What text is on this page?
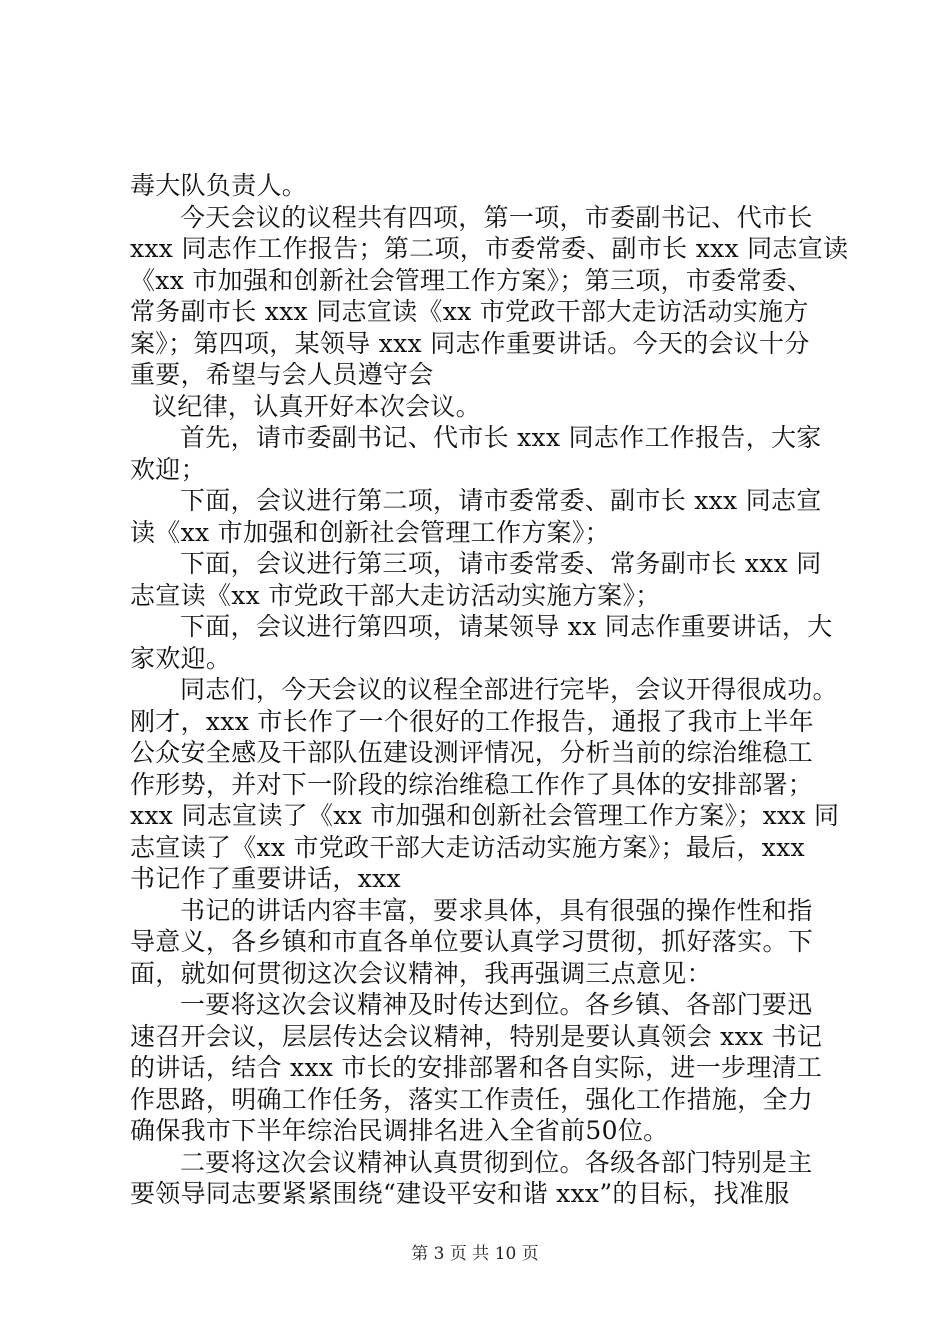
毒大队负责人。
今天会议的议程共有四项，第一项，市委副书记、代市长
xxx 同志作工作报告；第二项，市委常委、副市长 xxx 同志宣读
《xx 市加强和创新社会管理工作方案》；第三项，市委常委、
常务副市长 xxx 同志宣读《xx 市党政干部大走访活动实施方
案》；第四项，某领导 xxx 同志作重要讲话。今天的会议十分
重要，希望与会人员遵守会
议纪律，认真开好本次会议。
首先，请市委副书记、代市长 xxx 同志作工作报告，大家
欢迎；
下面，会议进行第二项，请市委常委、副市长 xxx 同志宣
读《xx 市加强和创新社会管理工作方案》；
下面，会议进行第三项，请市委常委、常务副市长 xxx 同
志宣读《xx 市党政干部大走访活动实施方案》；
下面，会议进行第四项，请某领导 xx 同志作重要讲话，大
家欢迎。
同志们，今天会议的议程全部进行完毕，会议开得很成功。
刚才，xxx 市长作了一个很好的工作报告，通报了我市上半年
公众安全感及干部队伍建设测评情况，分析当前的综治维稳工
作形势，并对下一阶段的综治维稳工作作了具体的安排部署；
xxx 同志宣读了《xx 市加强和创新社会管理工作方案》；xxx 同
志宣读了《xx 市党政干部大走访活动实施方案》；最后，xxx
书记作了重要讲话，xxx
书记的讲话内容丰富，要求具体，具有很强的操作性和指
导意义，各乡镇和市直各单位要认真学习贯彻，抓好落实。下
面，就如何贯彻这次会议精神，我再强调三点意见：
一要将这次会议精神及时传达到位。各乡镇、各部门要迅
速召开会议，层层传达会议精神，特别是要认真领会 xxx 书记
的讲话，结合 xxx 市长的安排部署和各自实际，进一步理清工
作思路，明确工作任务，落实工作责任，强化工作措施，全力
确保我市下半年综治民调排名进入全省前50位。
二要将这次会议精神认真贯彻到位。各级各部门特别是主
要领导同志要紧紧围绕“建设平安和谐 xxx”的目标，找准服
第 3 页 共 10 页
